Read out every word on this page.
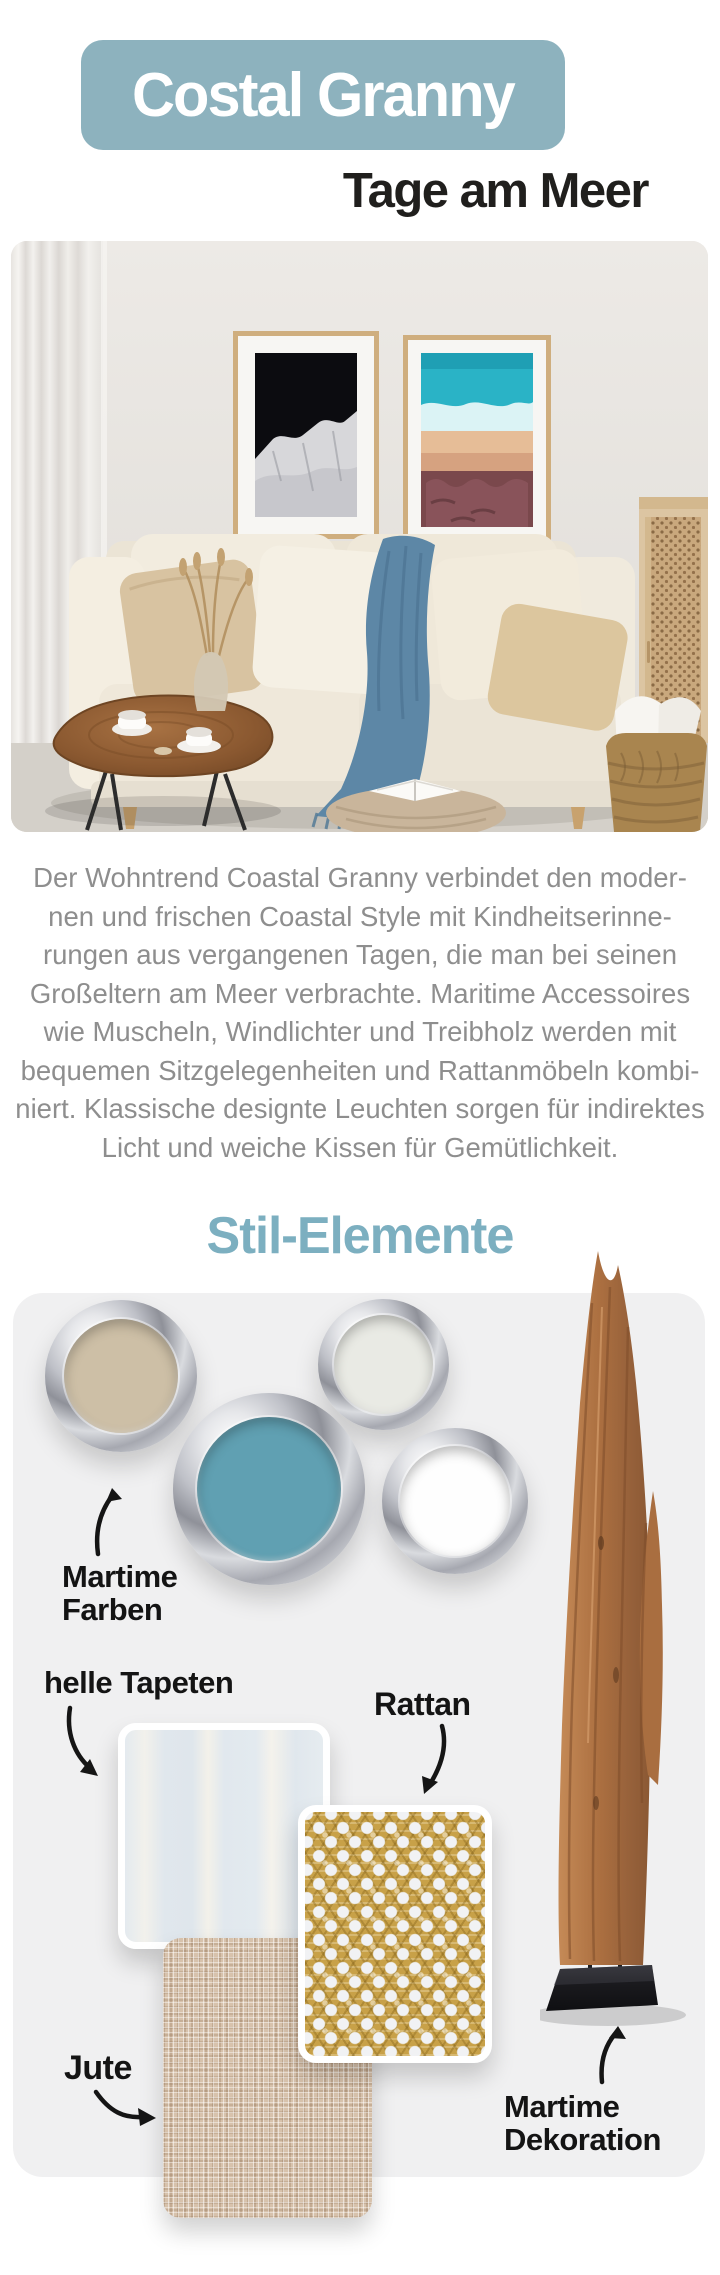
Costal Granny
Tage am Meer
Der Wohntrend Coastal Granny verbindet den moder-
nen und frischen Coastal Style mit Kindheitserinne-
rungen aus vergangenen Tagen, die man bei seinen
Großeltern am Meer verbrachte. Maritime Accessoires
wie Muscheln, Windlichter und Treibholz werden mit
bequemen Sitzgelegenheiten und Rattanmöbeln kombi-
niert. Klassische designte Leuchten sorgen für indirektes
Licht und weiche Kissen für Gemütlichkeit.
Stil-Elemente
Martime
Farben
helle Tapeten
Rattan
Jute
Martime
Dekoration
